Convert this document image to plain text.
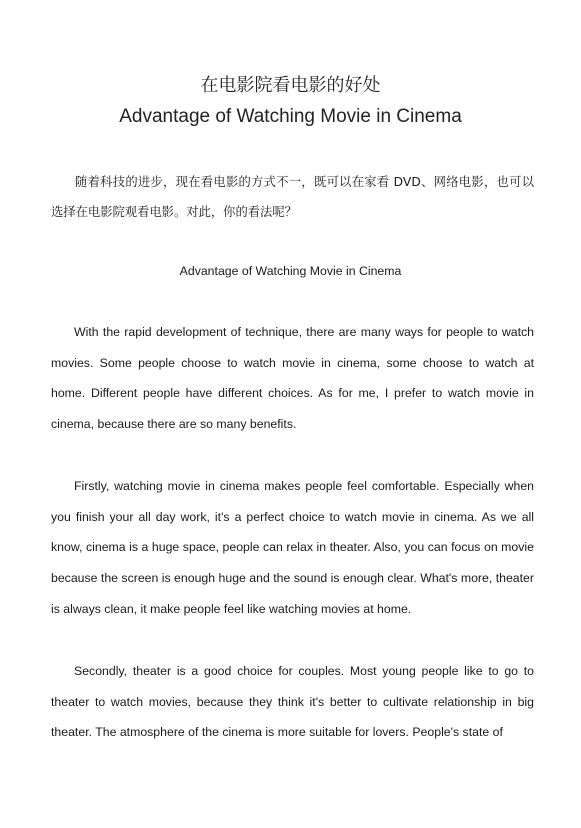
在电影院看电影的好处
Advantage of Watching Movie in Cinema
随着科技的进步，现在看电影的方式不一，既可以在家看 DVD、网络电影，也可以选择在电影院观看电影。对此，你的看法呢？
Advantage of Watching Movie in Cinema
With the rapid development of technique, there are many ways for people to watch movies. Some people choose to watch movie in cinema, some choose to watch at home. Different people have different choices. As for me, I prefer to watch movie in cinema, because there are so many benefits.
Firstly, watching movie in cinema makes people feel comfortable. Especially when you finish your all day work, it's a perfect choice to watch movie in cinema. As we all know, cinema is a huge space, people can relax in theater. Also, you can focus on movie because the screen is enough huge and the sound is enough clear. What's more, theater is always clean, it make people feel like watching movies at home.
Secondly, theater is a good choice for couples. Most young people like to go to theater to watch movies, because they think it's better to cultivate relationship in big theater. The atmosphere of the cinema is more suitable for lovers. People's state of
